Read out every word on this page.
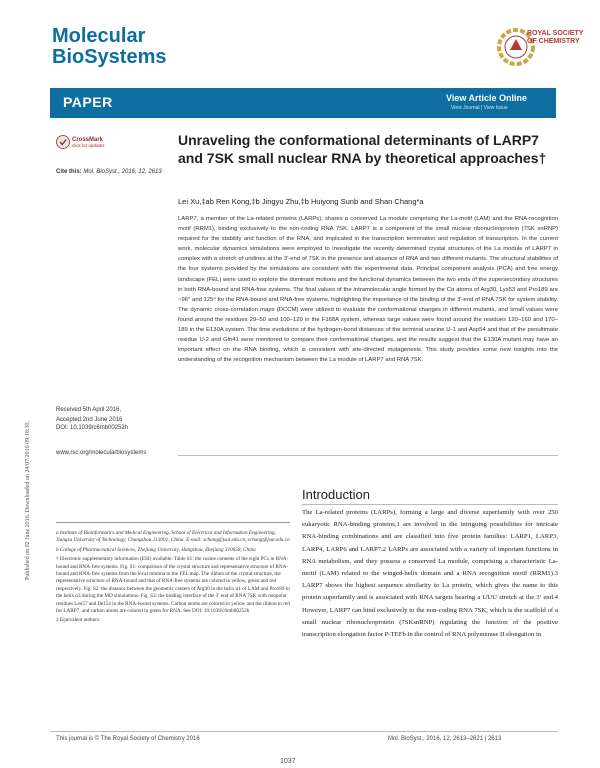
Molecular
BioSystems
ROYAL SOCIETY OF CHEMISTRY
PAPER	View Article Online
View Journal | View Issue
CrossMark
click for updates
Cite this: Mol. BioSyst., 2016, 12, 2613
Unraveling the conformational determinants of LARP7 and 7SK small nuclear RNA by theoretical approaches†
Lei Xu,‡ab Ren Kong,‡b Jingyu Zhu,‡b Huiyong Sunb and Shan Chang*a
LARP7, a member of the La-related proteins (LARPs), shares a conserved La module comprising the La-motif (LAM) and the RNA-recognition motif (RRM1), binding exclusively to the non-coding RNA 7SK. LARP7 is a component of the small nuclear ribonucleoprotein (7SK snRNP) required for the stability and function of the RNA, and implicated in the transcription termination and regulation of transcription. In the current work, molecular dynamics simulations were employed to investigate the recently determined crystal structures of the La module of LARP7 in complex with a stretch of uridines at the 3′-end of 7SK in the presence and absence of RNA and two different mutants. The structural stabilities of the four systems provided by the simulations are consistent with the experimental data. Principal component analysis (PCA) and free energy landscape (FEL) were used to explore the dominant motions and the functional dynamics between the two ends of the supersecondary structures in both RNA-bound and RNA-free systems. The final values of the intramolecular angle formed by the Cα atoms of Arg30, Lys53 and Pro189 are ~96° and 125° for the RNA-bound and RNA-free systems, highlighting the importance of the binding of the 3′-end of RNA 7SK for system stability. The dynamic cross-correlation maps (DCCM) were utilized to evaluate the conformational changes in different mutants, and small values were found around the residues 29–50 and 100–120 in the F168A system, whereas large values were found around the residues 120–160 and 170–189 in the E130A system. The time evolutions of the hydrogen-bond distances of the terminal uracine U-1 and Asp54 and that of the penultimate residue U-2 and Gln41 were monitored to compare their conformational changes, and the results suggest that the E130A mutant may have an important effect on the RNA binding, which is consistent with site-directed mutagenesis. This study provides some new insights into the understanding of the recognition mechanism between the La module of LARP7 and RNA 7SK.
Received 5th April 2016,
Accepted 2nd June 2016
DOI: 10.1039/c6mb00252h
www.rsc.org/molecularbiosystems
Published on 02 June 2016. Downloaded on 24/07/2016 09:18:30.	Introduction
The La-related proteins (LARPs), forming a large and diverse superfamily with over 250 eukaryotic RNA-binding proteins,1 are involved in the intriguing possibilities for intricate RNA-binding combinations and are classified into five protein families: LARP1, LARP3, LARP4, LARP6 and LARP7.2 LARPs are associated with a variety of important functions in RNA metabolism, and they possess a conserved La module, comprising a characteristic La-motif (LAM) related to the winged-helix domain and a RNA recognition motif (RRM1).3 LARP7 shows the highest sequence similarity to La protein, which gives the name to this protein superfamily and is associated with RNA targets bearing a UUU stretch at the 3′ end.4 However, LARP7 can bind exclusively to the non-coding RNA 7SK, which is the scaffold of a small nuclear ribonucleoprotein (7SKsnRNP) regulating the function of the positive transcription elongation factor P-TEFb in the control of RNA polymerase II elongation in

a Institute of Bioinformatics and Medical Engineering, School of Electrical and Information Engineering, Jiangsu University of Technology, Changzhou 213001, China. E-mail: schang@jsut.edu.cn, schang@jsut.edu.cn

b College of Pharmaceutical Sciences, Zhejiang University, Hangzhou, Zhejiang 310058, China

† Electronic supplementary information (ESI) available: Table S1: the cosine contents of the eight PCs in RNA-bound and RNA-free systems. Fig. S1: comparison of the crystal structure and representative structure of RNA-bound and RNA-free systems from the local minima in the FEL map. The ribbon of the crystal structure, the representative structure of RNA-bound and that of RNA-free systems are colored in yellow, green and red respectively. Fig. S2: the distance between the geometric centers of Arg30 in the helix α1 of LAM and Pro189 in the helix α3 during the MD simulations. Fig. S3: the binding interface of the 3′ end of RNA 7SK with nonpolar residues Leu57 and Ile154 in the RNA-bound systems. Carbon atoms are colored in yellow and the ribbon in red for LARP7, and carbon atoms are colored in green for RNA. See DOI: 10.1039/c6mb00252h

‡ Equivalent authors.

This journal is © The Royal Society of Chemistry 2016	Mol. BioSyst., 2016, 12, 2613–2621 | 2613
1037
